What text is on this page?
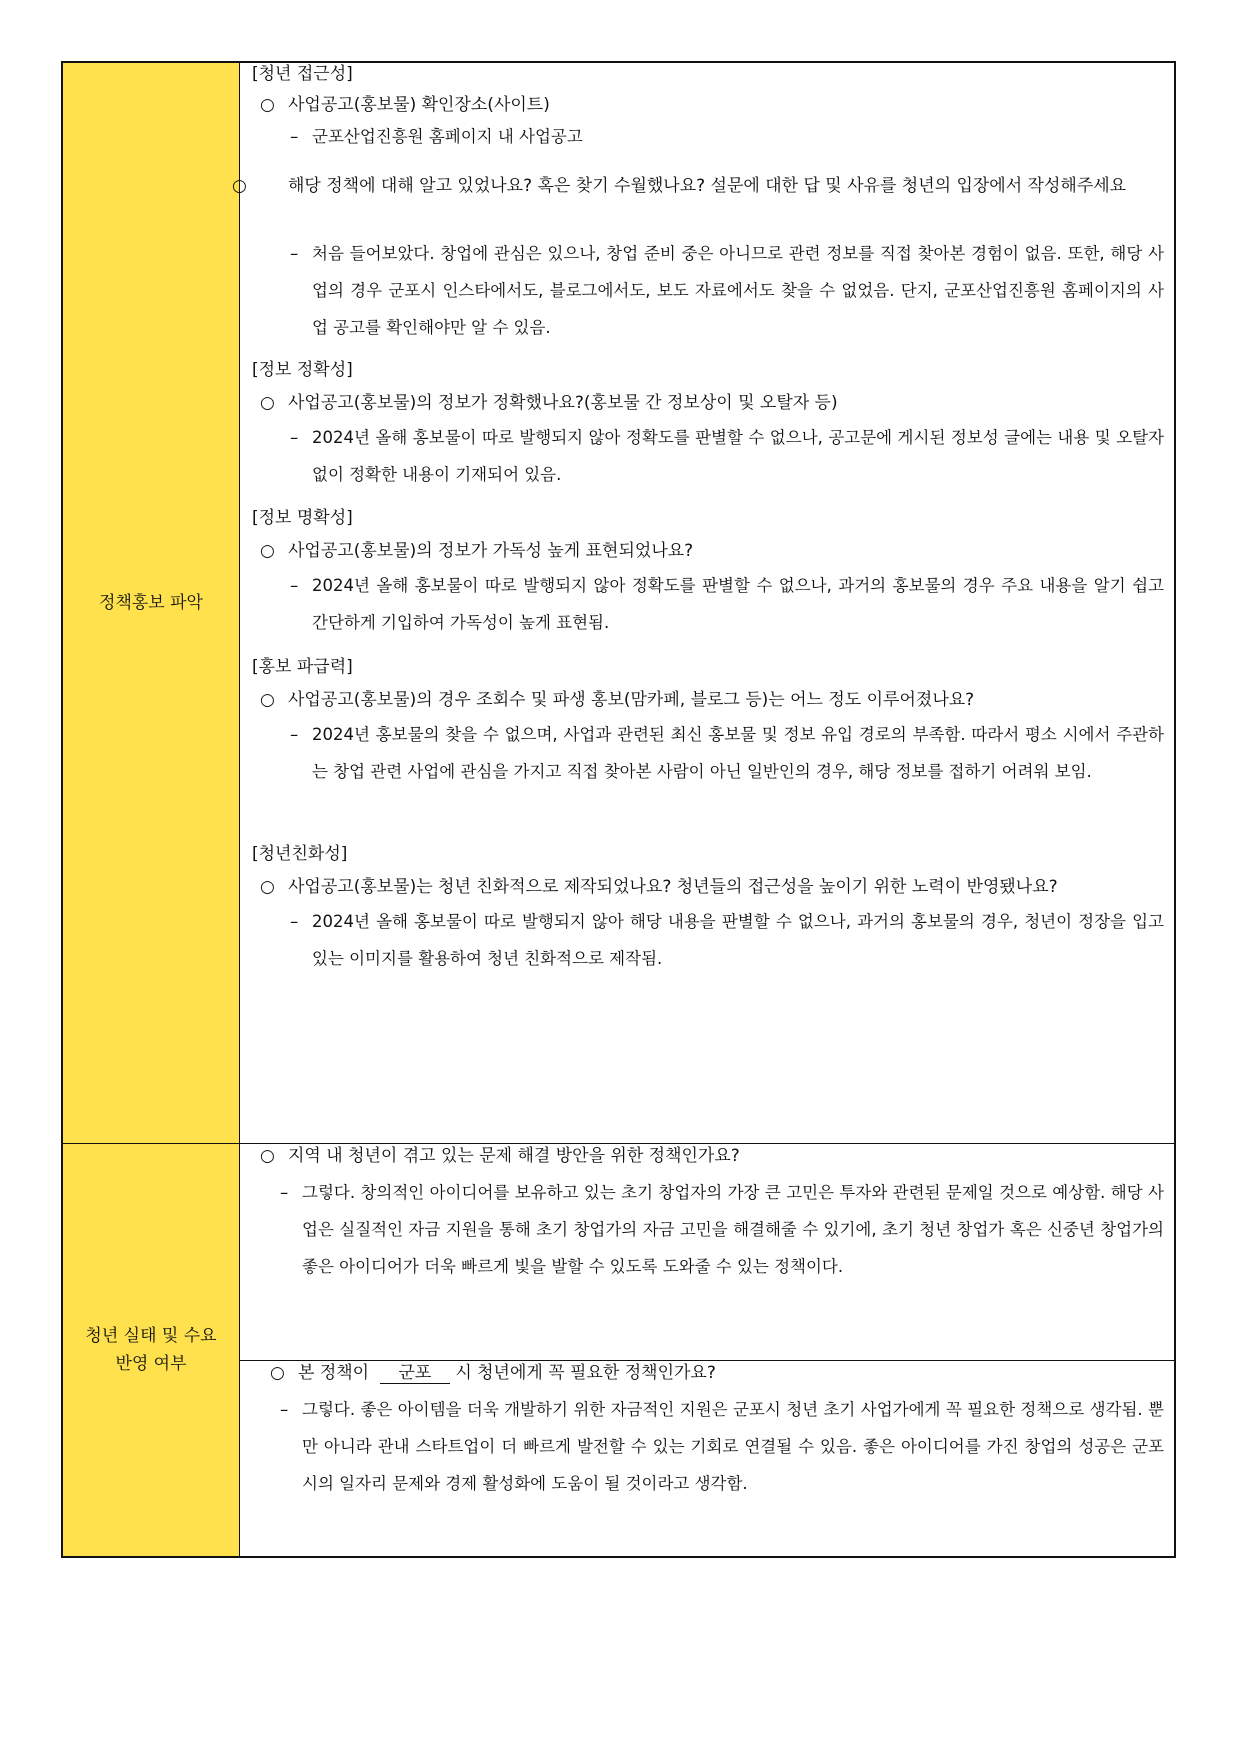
정책홍보 파악
[청년 접근성]
○ 사업공고(홍보물) 확인장소(사이트)
– 군포산업진흥원 홈페이지 내 사업공고
○ 해당 정책에 대해 알고 있었나요? 혹은 찾기 수월했나요? 설문에 대한 답 및 사유를 청년의 입장에서 작성해주세요
– 처음 들어보았다. 창업에 관심은 있으나, 창업 준비 중은 아니므로 관련 정보를 직접 찾아본 경험이 없음. 또한, 해당 사업의 경우 군포시 인스타에서도, 블로그에서도, 보도 자료에서도 찾을 수 없었음. 단지, 군포산업진흥원 홈페이지의 사업 공고를 확인해야만 알 수 있음.
[정보 정확성]
○ 사업공고(홍보물)의 정보가 정확했나요?(홍보물 간 정보상이 및 오탈자 등)
– 2024년 올해 홍보물이 따로 발행되지 않아 정확도를 판별할 수 없으나, 공고문에 게시된 정보성 글에는 내용 및 오탈자 없이 정확한 내용이 기재되어 있음.
[정보 명확성]
○ 사업공고(홍보물)의 정보가 가독성 높게 표현되었나요?
– 2024년 올해 홍보물이 따로 발행되지 않아 정확도를 판별할 수 없으나, 과거의 홍보물의 경우 주요 내용을 알기 쉽고 간단하게 기입하여 가독성이 높게 표현됨.
[홍보 파급력]
○ 사업공고(홍보물)의 경우 조회수 및 파생 홍보(맘카페, 블로그 등)는 어느 정도 이루어졌나요?
– 2024년 홍보물의 찾을 수 없으며, 사업과 관련된 최신 홍보물 및 정보 유입 경로의 부족함. 따라서 평소 시에서 주관하는 창업 관련 사업에 관심을 가지고 직접 찾아본 사람이 아닌 일반인의 경우, 해당 정보를 접하기 어려워 보임.
[청년친화성]
○ 사업공고(홍보물)는 청년 친화적으로 제작되었나요? 청년들의 접근성을 높이기 위한 노력이 반영됐나요?
– 2024년 올해 홍보물이 따로 발행되지 않아 해당 내용을 판별할 수 없으나, 과거의 홍보물의 경우, 청년이 정장을 입고 있는 이미지를 활용하여 청년 친화적으로 제작됨.
청년 실태 및 수요
반영 여부
○ 지역 내 청년이 겪고 있는 문제 해결 방안을 위한 정책인가요?
– 그렇다. 창의적인 아이디어를 보유하고 있는 초기 창업자의 가장 큰 고민은 투자와 관련된 문제일 것으로 예상함. 해당 사업은 실질적인 자금 지원을 통해 초기 창업가의 자금 고민을 해결해줄 수 있기에, 초기 청년 창업가 혹은 신중년 창업가의 좋은 아이디어가 더욱 빠르게 빛을 발할 수 있도록 도와줄 수 있는 정책이다.
○ 본 정책이 군포 시 청년에게 꼭 필요한 정책인가요?
– 그렇다. 좋은 아이템을 더욱 개발하기 위한 자금적인 지원은 군포시 청년 초기 사업가에게 꼭 필요한 정책으로 생각됨. 뿐만 아니라 관내 스타트업이 더 빠르게 발전할 수 있는 기회로 연결될 수 있음. 좋은 아이디어를 가진 창업의 성공은 군포시의 일자리 문제와 경제 활성화에 도움이 될 것이라고 생각함.
